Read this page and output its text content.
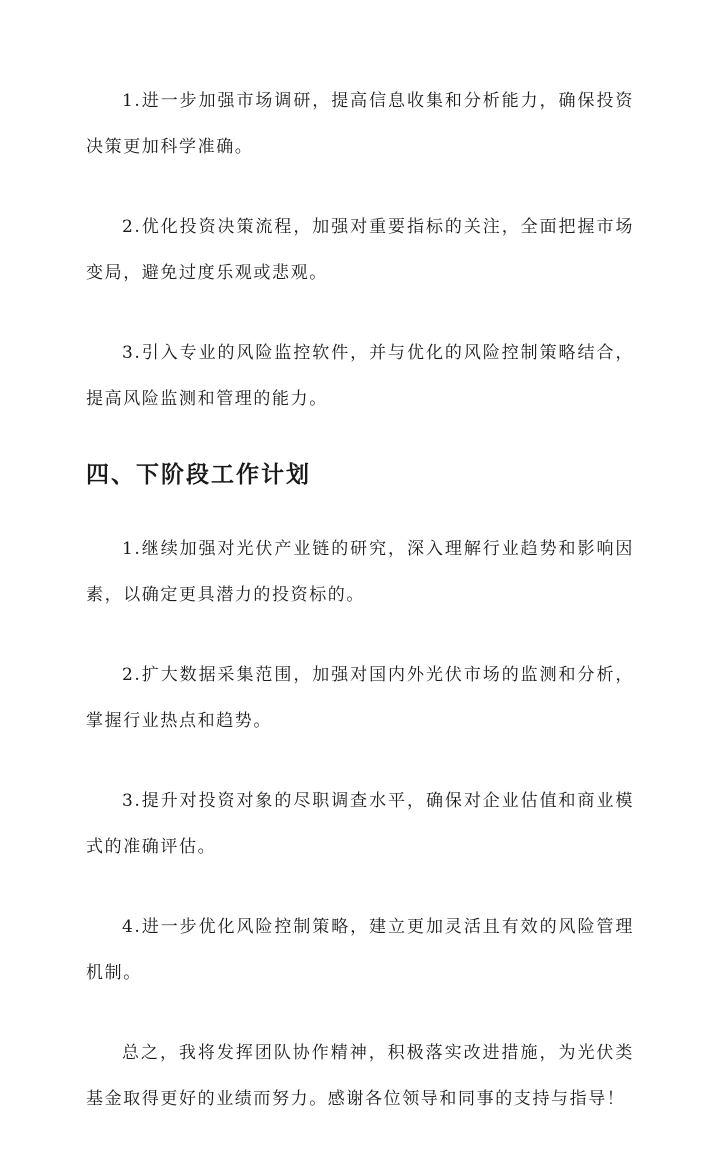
1.进一步加强市场调研，提高信息收集和分析能力，确保投资决策更加科学准确。

2.优化投资决策流程，加强对重要指标的关注，全面把握市场变局，避免过度乐观或悲观。

3.引入专业的风险监控软件，并与优化的风险控制策略结合，提高风险监测和管理的能力。

四、下阶段工作计划

1.继续加强对光伏产业链的研究，深入理解行业趋势和影响因素，以确定更具潜力的投资标的。

2.扩大数据采集范围，加强对国内外光伏市场的监测和分析，掌握行业热点和趋势。

3.提升对投资对象的尽职调查水平，确保对企业估值和商业模式的准确评估。

4.进一步优化风险控制策略，建立更加灵活且有效的风险管理机制。

总之，我将发挥团队协作精神，积极落实改进措施，为光伏类基金取得更好的业绩而努力。感谢各位领导和同事的支持与指导！
